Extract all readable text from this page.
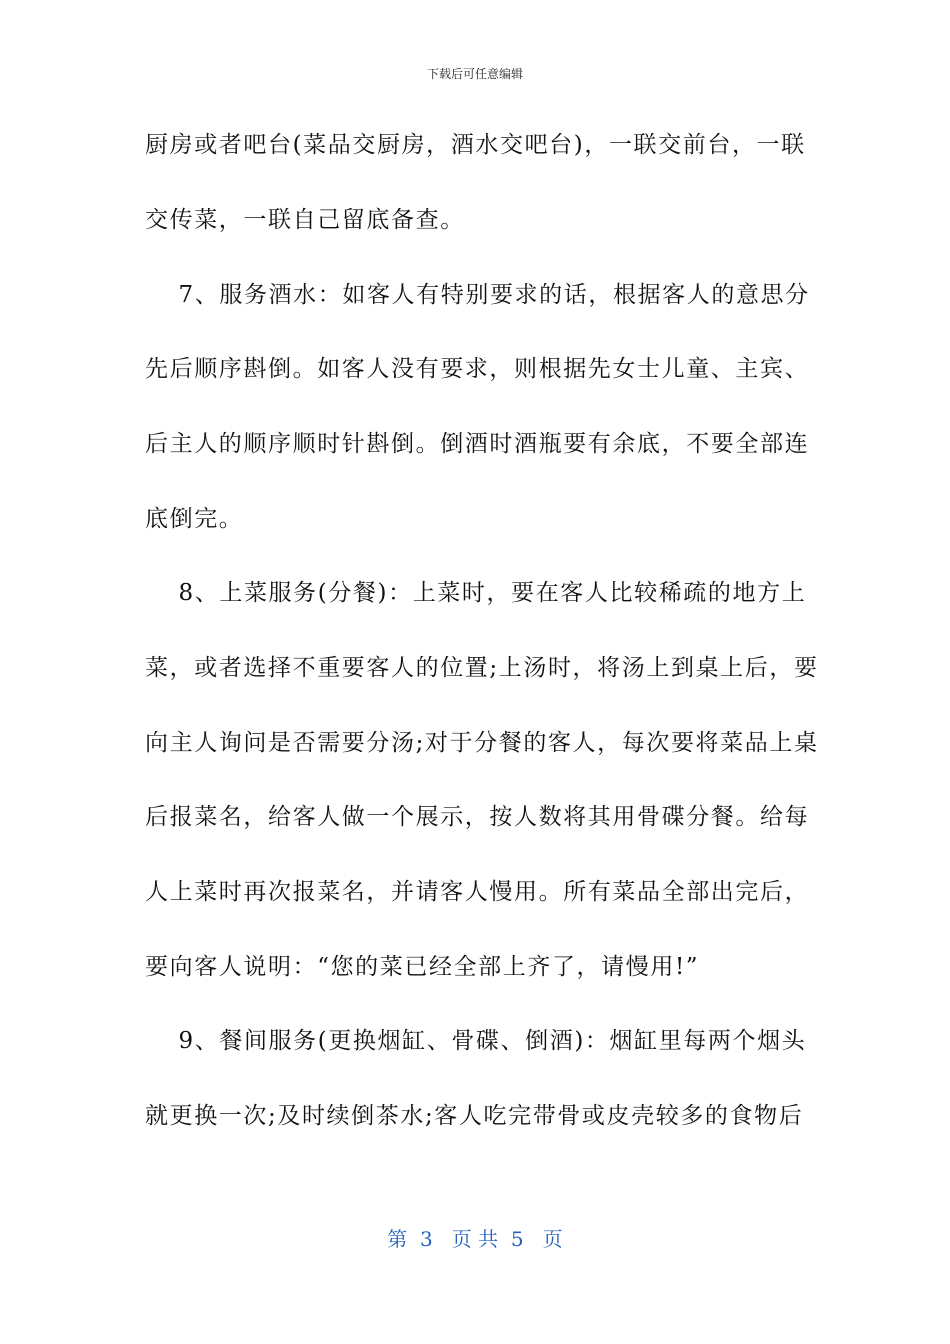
下载后可任意编辑
厨房或者吧台(菜品交厨房，酒水交吧台)，一联交前台，一联
交传菜，一联自己留底备查。
　 7、服务酒水：如客人有特别要求的话，根据客人的意思分
先后顺序斟倒。如客人没有要求，则根据先女士儿童、主宾、
后主人的顺序顺时针斟倒。倒酒时酒瓶要有余底，不要全部连
底倒完。
　 8、上菜服务(分餐)：上菜时，要在客人比较稀疏的地方上
菜，或者选择不重要客人的位置;上汤时，将汤上到桌上后，要
向主人询问是否需要分汤;对于分餐的客人，每次要将菜品上桌
后报菜名，给客人做一个展示，按人数将其用骨碟分餐。给每
人上菜时再次报菜名，并请客人慢用。所有菜品全部出完后，
要向客人说明：“您的菜已经全部上齐了，请慢用!”
　 9、餐间服务(更换烟缸、骨碟、倒酒)：烟缸里每两个烟头
就更换一次;及时续倒茶水;客人吃完带骨或皮壳较多的食物后
第  3   页 共  5   页
